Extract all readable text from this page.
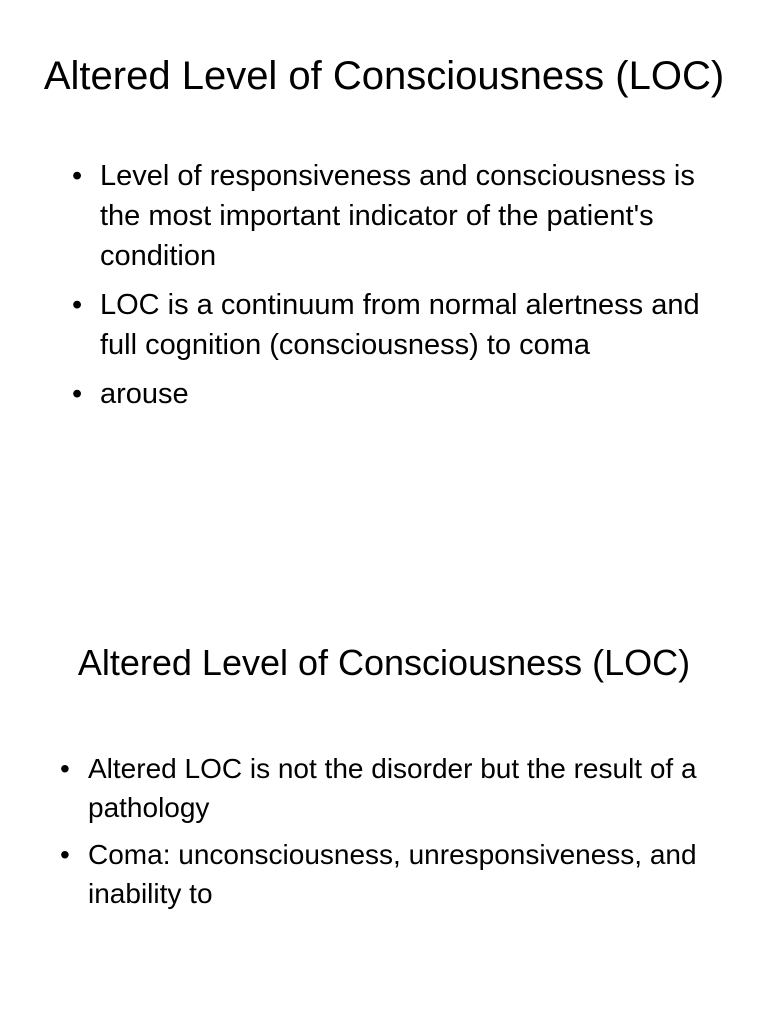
Altered Level of Consciousness (LOC)
• Level of responsiveness and consciousness is the most important indicator of the patient's condition
• LOC is a continuum from normal alertness and full cognition (consciousness) to coma
• arouse
Altered Level of Consciousness (LOC)
• Altered LOC is not the disorder but the result of a pathology
• Coma: unconsciousness, unresponsiveness, and inability to
